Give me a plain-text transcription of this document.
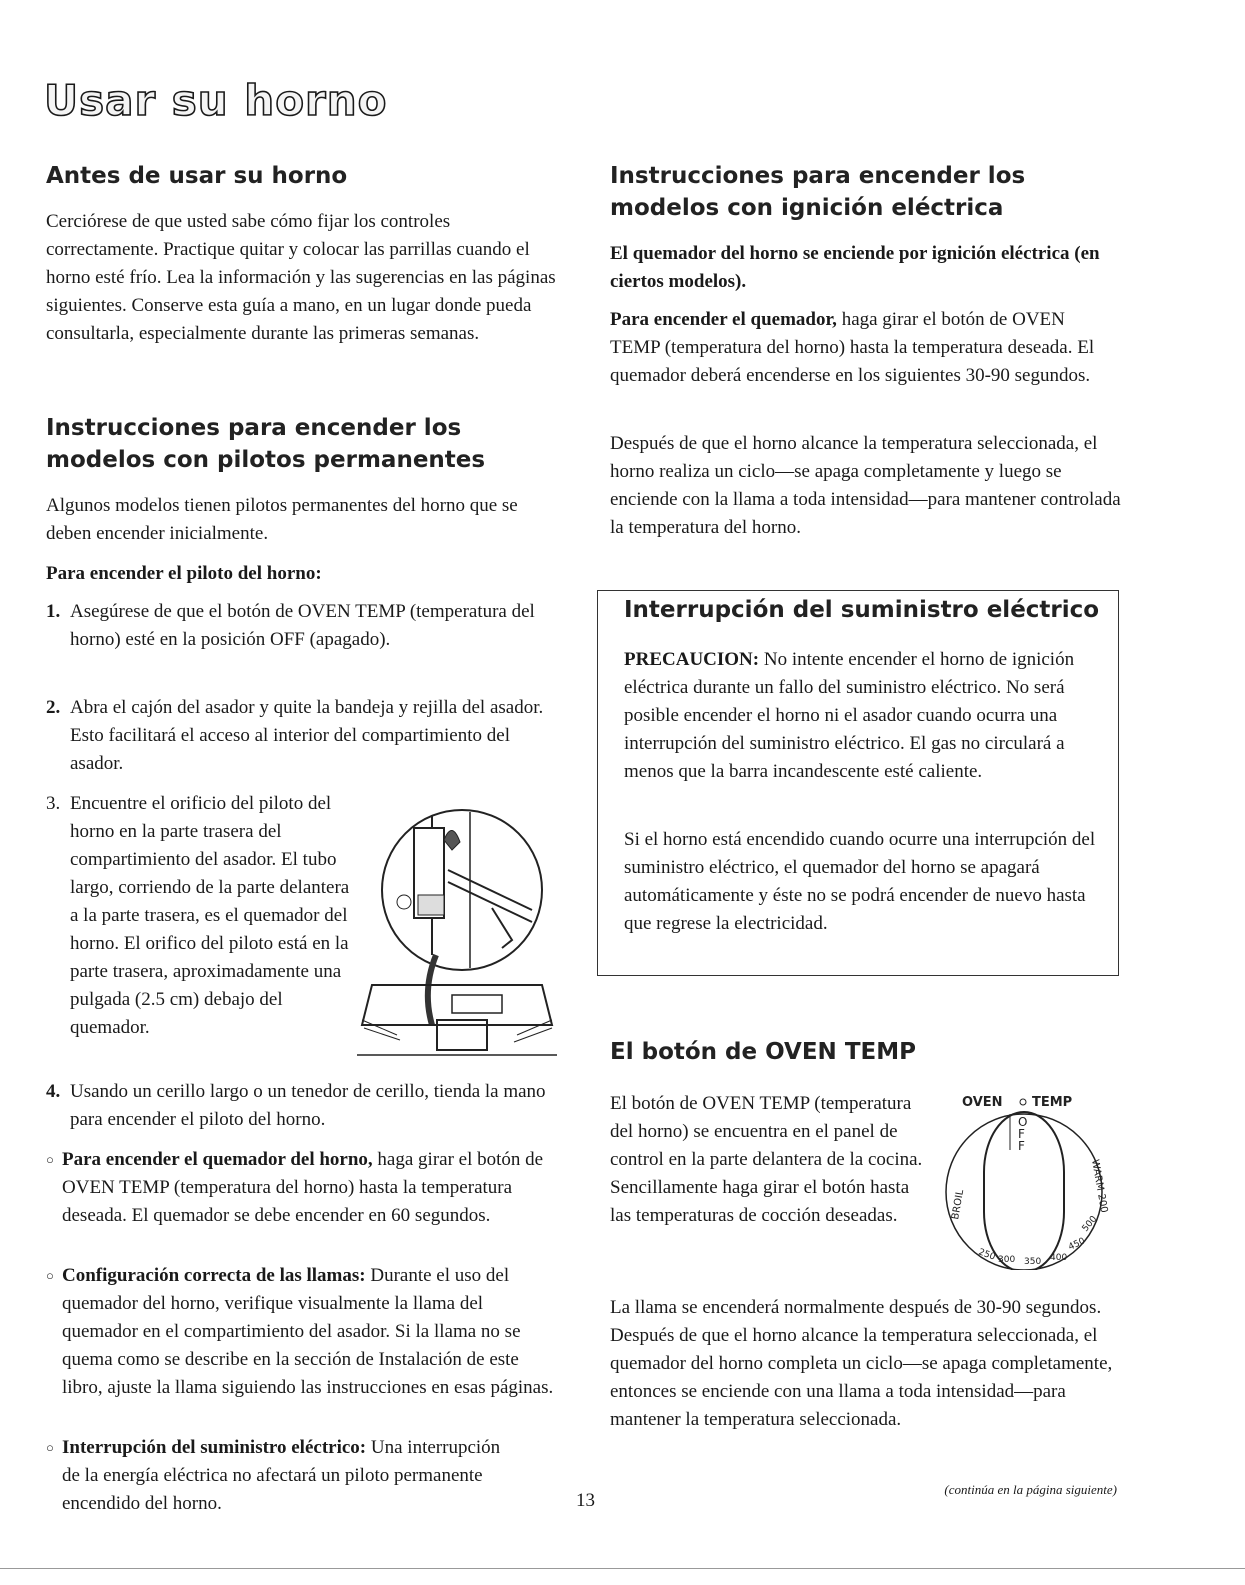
Usar su horno
Antes de usar su horno

Cerciórese de que usted sabe cómo fijar los controles correctamente. Practique quitar y colocar las parrillas cuando el horno esté frío. Lea la información y las sugerencias en las páginas siguientes. Conserve esta guía a mano, en un lugar donde pueda consultarla, especialmente durante las primeras semanas.

Instrucciones para encender los
modelos con pilotos permanentes

Algunos modelos tienen pilotos permanentes del horno que se deben encender inicialmente.

Para encender el piloto del horno:

1. Asegúrese de que el botón de OVEN TEMP (temperatura del horno) esté en la posición OFF (apagado).
2. Abra el cajón del asador y quite la bandeja y rejilla del asador. Esto facilitará el acceso al interior del compartimiento del asador.
3. Encuentre el orificio del piloto del horno en la parte trasera del compartimiento del asador. El tubo largo, corriendo de la parte delantera a la parte trasera, es el quemador del horno. El orifico del piloto está en la parte trasera, aproximadamente una pulgada (2.5 cm) debajo del quemador.
4. Usando un cerillo largo o un tenedor de cerillo, tienda la mano para encender el piloto del horno.
○ Para encender el quemador del horno, haga girar el botón de OVEN TEMP (temperatura del horno) hasta la temperatura deseada. El quemador se debe encender en 60 segundos.
○ Configuración correcta de las llamas: Durante el uso del quemador del horno, verifique visualmente la llama del quemador en el compartimiento del asador. Si la llama no se quema como se describe en la sección de Instalación de este libro, ajuste la llama siguiendo las instrucciones en esas páginas.
○ Interrupción del suministro eléctrico: Una interrupción de la energía eléctrica no afectará un piloto permanente encendido del horno.
Instrucciones para encender los
modelos con ignición eléctrica

El quemador del horno se enciende por ignición eléctrica (en ciertos modelos).

Para encender el quemador, haga girar el botón de OVEN TEMP (temperatura del horno) hasta la temperatura deseada. El quemador deberá encenderse en los siguientes 30-90 segundos.

Después de que el horno alcance la temperatura seleccionada, el horno realiza un ciclo—se apaga completamente y luego se enciende con la llama a toda intensidad—para mantener controlada la temperatura del horno.

Interrupción del suministro eléctrico

PRECAUCION: No intente encender el horno de ignición eléctrica durante un fallo del suministro eléctrico. No será posible encender el horno ni el asador cuando ocurra una interrupción del suministro eléctrico. El gas no circulará a menos que la barra incandescente esté caliente.

Si el horno está encendido cuando ocurre una interrupción del suministro eléctrico, el quemador del horno se apagará automáticamente y éste no se podrá encender de nuevo hasta que regrese la electricidad.

El botón de OVEN TEMP

El botón de OVEN TEMP (temperatura del horno) se encuentra en el panel de control en la parte delantera de la cocina. Sencillamente haga girar el botón hasta las temperaturas de cocción deseadas.

OVEN TEMP
O
F
F
BROIL	WARM 200
250 300 350 400
450
500

La llama se encenderá normalmente después de 30-90 segundos. Después de que el horno alcance la temperatura seleccionada, el quemador del horno completa un ciclo—se apaga completamente, entonces se enciende con una llama a toda intensidad—para mantener la temperatura seleccionada.

13
(continúa en la página siguiente)
